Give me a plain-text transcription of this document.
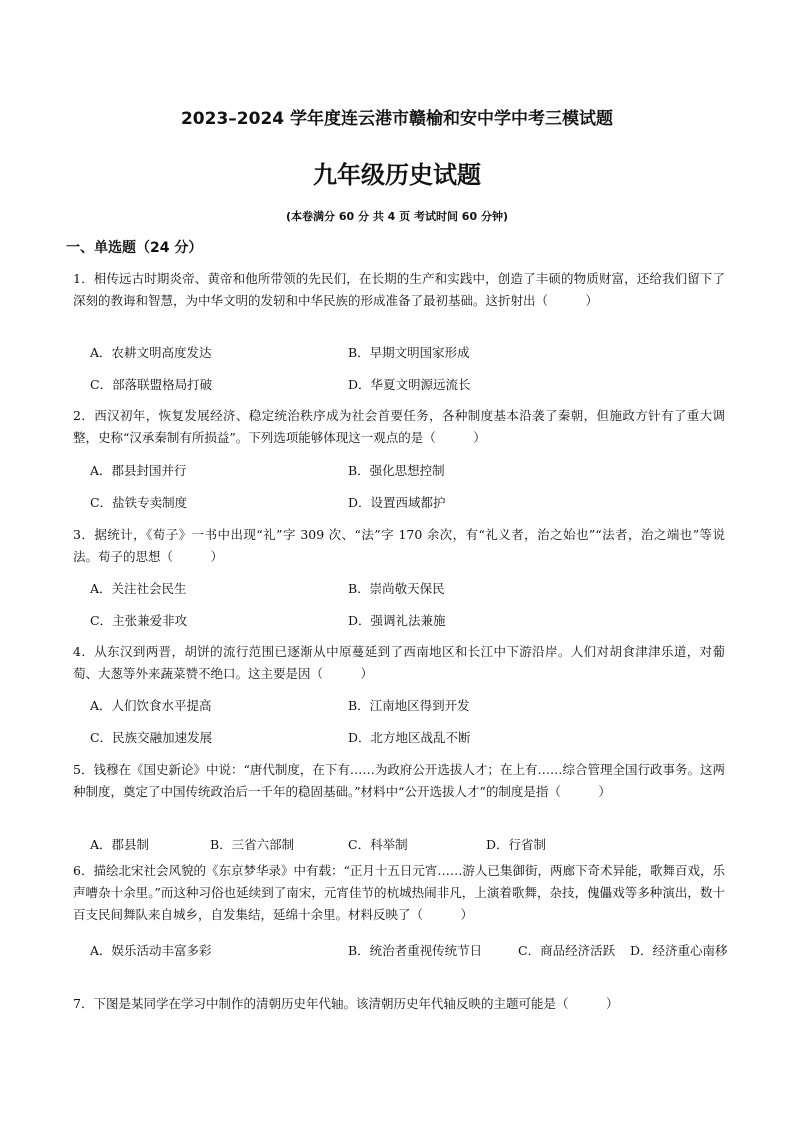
2023–2024 学年度连云港市赣榆和安中学中考三模试题
九年级历史试题
(本卷满分 60 分 共 4 页 考试时间 60 分钟)
一、单选题（24 分）
1．相传远古时期炎帝、黄帝和他所带领的先民们，在长期的生产和实践中，创造了丰硕的物质财富，还给我们留下了深刻的教诲和智慧，为中华文明的发轫和中华民族的形成准备了最初基础。这折射出（　　　）
A．农耕文明高度发达	B．早期文明国家形成
C．部落联盟格局打破	D．华夏文明源远流长
2．西汉初年，恢复发展经济、稳定统治秩序成为社会首要任务，各种制度基本沿袭了秦朝，但施政方针有了重大调整，史称“汉承秦制有所损益”。下列选项能够体现这一观点的是（　　　）
A．郡县封国并行	B．强化思想控制
C．盐铁专卖制度	D．设置西域都护
3．据统计，《荀子》一书中出现“礼”字 309 次、“法”字 170 余次，有“礼义者，治之始也”“法者，治之端也”等说法。荀子的思想（　　　）
A．关注社会民生	B．崇尚敬天保民
C．主张兼爱非攻	D．强调礼法兼施
4．从东汉到两晋，胡饼的流行范围已逐渐从中原蔓延到了西南地区和长江中下游沿岸。人们对胡食津津乐道，对葡萄、大葱等外来蔬菜赞不绝口。这主要是因（　　　）
A．人们饮食水平提高	B．江南地区得到开发
C．民族交融加速发展	D．北方地区战乱不断
5．钱穆在《国史新论》中说：“唐代制度，在下有……为政府公开选拔人才；在上有……综合管理全国行政事务。这两种制度，奠定了中国传统政治后一千年的稳固基础。”材料中“公开选拔人才”的制度是指（　　　）
A．郡县制	B．三省六部制	C．科举制	D．行省制
6．描绘北宋社会风貌的《东京梦华录》中有载：“正月十五日元宵……游人已集御街，两廊下奇术异能，歌舞百戏，乐声嘈杂十余里。”而这种习俗也延续到了南宋，元宵佳节的杭城热闹非凡，上演着歌舞，杂技，傀儡戏等多种演出，数十百支民间舞队来自城乡，自发集结，延绵十余里。材料反映了（　　　）
A．娱乐活动丰富多彩	B．统治者重视传统节日	C．商品经济活跃 D．经济重心南移
7．下图是某同学在学习中制作的清朝历史年代轴。该清朝历史年代轴反映的主题可能是（　　　）
